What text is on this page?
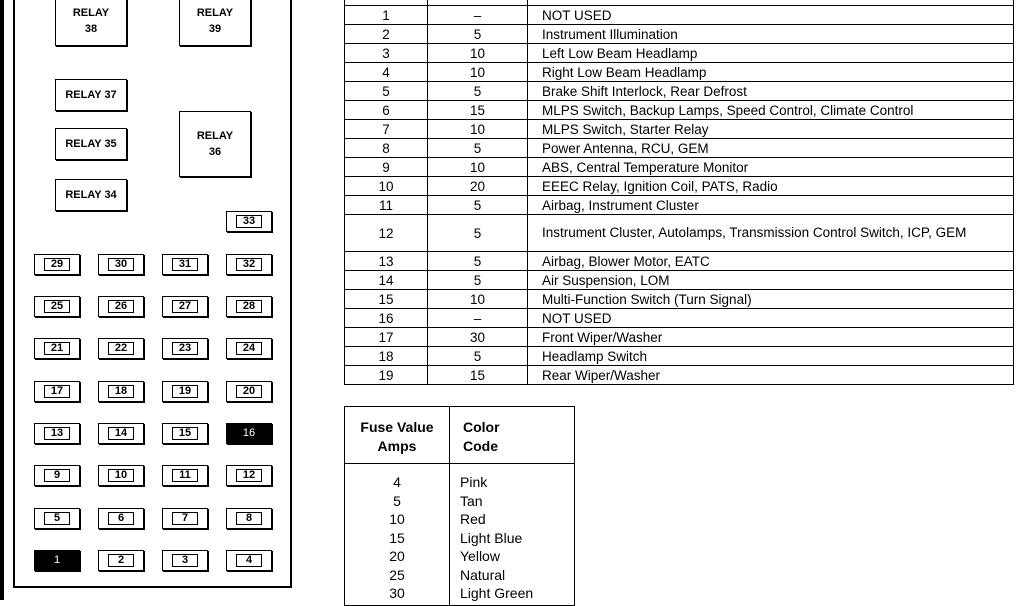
RELAY
38
RELAY
39
RELAY 37
RELAY 35
RELAY
36
RELAY 34
33
29	30	31	32
25	26	27	28
21	22	23	24
17	18	19	20
13	14	15	16
9	10	11	12
5	6	7	8
1	2	3	4

1	–	NOT USED
2	5	Instrument Illumination
3	10	Left Low Beam Headlamp
4	10	Right Low Beam Headlamp
5	5	Brake Shift Interlock, Rear Defrost
6	15	MLPS Switch, Backup Lamps, Speed Control, Climate Control
7	10	MLPS Switch, Starter Relay
8	5	Power Antenna, RCU, GEM
9	10	ABS, Central Temperature Monitor
10	20	EEEC Relay, Ignition Coil, PATS, Radio
11	5	Airbag, Instrument Cluster
12	5	Instrument Cluster, Autolamps, Transmission Control Switch, ICP, GEM
13	5	Airbag, Blower Motor, EATC
14	5	Air Suspension, LOM
15	10	Multi-Function Switch (Turn Signal)
16	–	NOT USED
17	30	Front Wiper/Washer
18	5	Headlamp Switch
19	15	Rear Wiper/Washer
Fuse Value
Amps
Color
Code
4	Pink
5	Tan
10	Red
15	Light Blue
20	Yellow
25	Natural
30	Light Green
